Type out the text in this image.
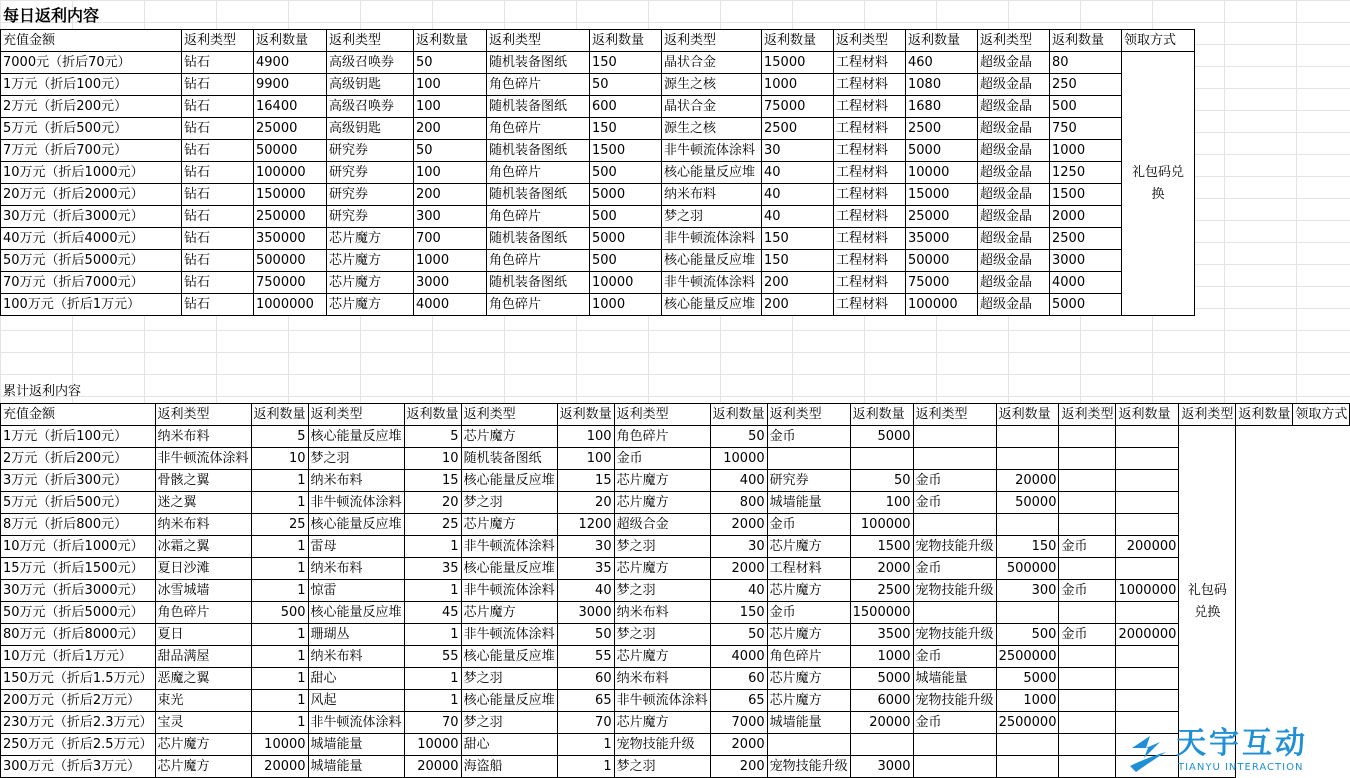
每日返利内容
充值金额	返利类型	返利数量	返利类型	返利数量	返利类型	返利数量	返利类型	返利数量	返利类型	返利数量	返利类型	返利数量	领取方式
7000元（折后70元）	钻石	4900	高级召唤券	50	随机装备图纸	150	晶状合金	15000	工程材料	460	超级金晶	80	礼包码兑换
1万元（折后100元）	钻石	9900	高级钥匙	100	角色碎片	50	源生之核	1000	工程材料	1080	超级金晶	250	
2万元（折后200元）	钻石	16400	高级召唤券	100	随机装备图纸	600	晶状合金	75000	工程材料	1680	超级金晶	500	
5万元（折后500元）	钻石	25000	高级钥匙	200	角色碎片	150	源生之核	2500	工程材料	2500	超级金晶	750	
7万元（折后700元）	钻石	50000	研究券	50	随机装备图纸	1500	非牛顿流体涂料	30	工程材料	5000	超级金晶	1000	
10万元（折后1000元）	钻石	100000	研究券	100	角色碎片	500	核心能量反应堆	40	工程材料	10000	超级金晶	1250	
20万元（折后2000元）	钻石	150000	研究券	200	随机装备图纸	5000	纳米布料	40	工程材料	15000	超级金晶	1500	
30万元（折后3000元）	钻石	250000	研究券	300	角色碎片	500	梦之羽	40	工程材料	25000	超级金晶	2000	
40万元（折后4000元）	钻石	350000	芯片魔方	700	随机装备图纸	5000	非牛顿流体涂料	150	工程材料	35000	超级金晶	2500	
50万元（折后5000元）	钻石	500000	芯片魔方	1000	角色碎片	500	核心能量反应堆	150	工程材料	50000	超级金晶	3000	
70万元（折后7000元）	钻石	750000	芯片魔方	3000	随机装备图纸	10000	非牛顿流体涂料	200	工程材料	75000	超级金晶	4000	
100万元（折后1万元）	钻石	1000000	芯片魔方	4000	角色碎片	1000	核心能量反应堆	200	工程材料	100000	超级金晶	5000	
累计返利内容
充值金额	返利类型	返利数量	返利类型	返利数量	返利类型	返利数量	返利类型	返利数量	返利类型	返利数量	返利类型	返利数量	返利类型	返利数量	返利类型	返利数量	领取方式
1万元（折后100元）	纳米布料	5	核心能量反应堆	5	芯片魔方	100	角色碎片	50	金币	5000					礼包码兑换		
2万元（折后200元）	非牛顿流体涂料	10	梦之羽	10	随机装备图纸	100	金币	10000									
3万元（折后300元）	骨骸之翼	1	纳米布料	15	核心能量反应堆	15	芯片魔方	400	研究券	50	金币	20000					
5万元（折后500元）	迷之翼	1	非牛顿流体涂料	20	梦之羽	20	芯片魔方	800	城墙能量	100	金币	50000					
8万元（折后800元）	纳米布料	25	核心能量反应堆	25	芯片魔方	1200	超级合金	2000	金币	100000							
10万元（折后1000元）	冰霜之翼	1	雷母	1	非牛顿流体涂料	30	梦之羽	30	芯片魔方	1500	宠物技能升级	150	金币	200000			
15万元（折后1500元）	夏日沙滩	1	纳米布料	35	核心能量反应堆	35	芯片魔方	2000	工程材料	2000	金币	500000					
30万元（折后3000元）	冰雪城墙	1	惊雷	1	非牛顿流体涂料	40	梦之羽	40	芯片魔方	2500	宠物技能升级	300	金币	1000000			
50万元（折后5000元）	角色碎片	500	核心能量反应堆	45	芯片魔方	3000	纳米布料	150	金币	1500000							
80万元（折后8000元）	夏日	1	珊瑚丛	1	非牛顿流体涂料	50	梦之羽	50	芯片魔方	3500	宠物技能升级	500	金币	2000000			
10万元（折后1万元）	甜品满屋	1	纳米布料	55	核心能量反应堆	55	芯片魔方	4000	角色碎片	1000	金币	2500000					
150万元（折后1.5万元）	恶魔之翼	1	甜心	1	梦之羽	60	纳米布料	60	芯片魔方	5000	城墙能量	5000					
200万元（折后2万元）	束光	1	风起	1	核心能量反应堆	65	非牛顿流体涂料	65	芯片魔方	6000	宠物技能升级	1000					
230万元（折后2.3万元）	宝灵	1	非牛顿流体涂料	70	梦之羽	70	芯片魔方	7000	城墙能量	20000	金币	2500000					
250万元（折后2.5万元）	芯片魔方	10000	城墙能量	10000	甜心	1	宠物技能升级	2000									
300万元（折后3万元）	芯片魔方	20000	城墙能量	20000	海盗船	1	梦之羽	200	宠物技能升级	3000							
天宇互动
TIANYU INTERACTION
